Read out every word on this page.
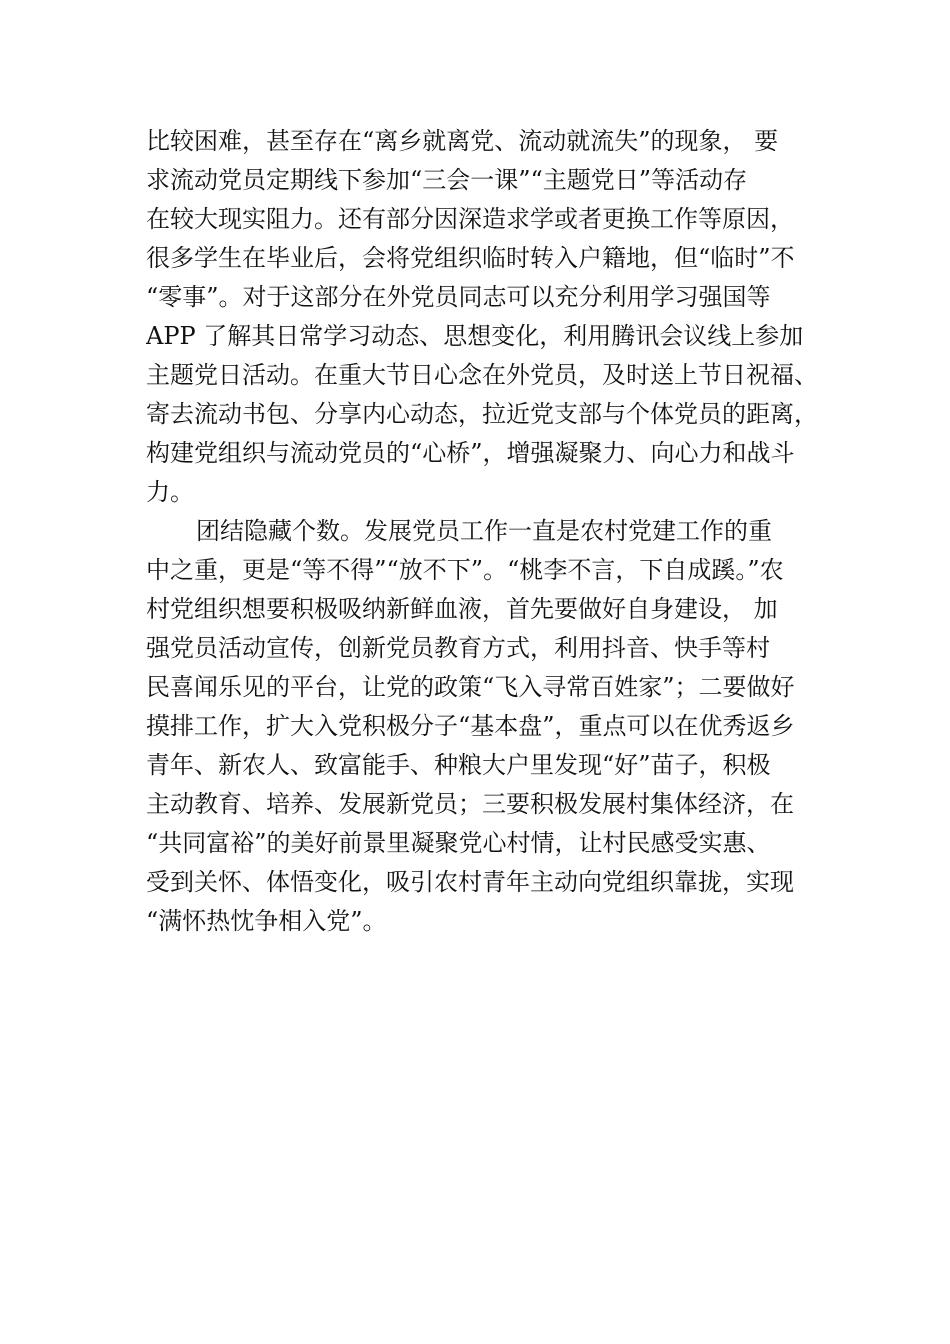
比较困难，甚至存在“离乡就离党、流动就流失”的现象， 要
求流动党员定期线下参加“三会一课”“主题党日”等活动存
在较大现实阻力。还有部分因深造求学或者更换工作等原因，
很多学生在毕业后，会将党组织临时转入户籍地，但“临时”不
“零事”。对于这部分在外党员同志可以充分利用学习强国等
APP 了解其日常学习动态、思想变化，利用腾讯会议线上参加
主题党日活动。在重大节日心念在外党员，及时送上节日祝福、
寄去流动书包、分享内心动态，拉近党支部与个体党员的距离，
构建党组织与流动党员的“心桥”，增强凝聚力、向心力和战斗
力。
团结隐藏个数。发展党员工作一直是农村党建工作的重
中之重，更是“等不得”“放不下”。“桃李不言，下自成蹊。”农
村党组织想要积极吸纳新鲜血液，首先要做好自身建设， 加
强党员活动宣传，创新党员教育方式，利用抖音、快手等村
民喜闻乐见的平台，让党的政策“飞入寻常百姓家”；二要做好
摸排工作，扩大入党积极分子“基本盘”，重点可以在优秀返乡
青年、新农人、致富能手、种粮大户里发现“好”苗子，积极
主动教育、培养、发展新党员；三要积极发展村集体经济，在
“共同富裕”的美好前景里凝聚党心村情，让村民感受实惠、
受到关怀、体悟变化，吸引农村青年主动向党组织靠拢，实现
“满怀热忱争相入党”。
